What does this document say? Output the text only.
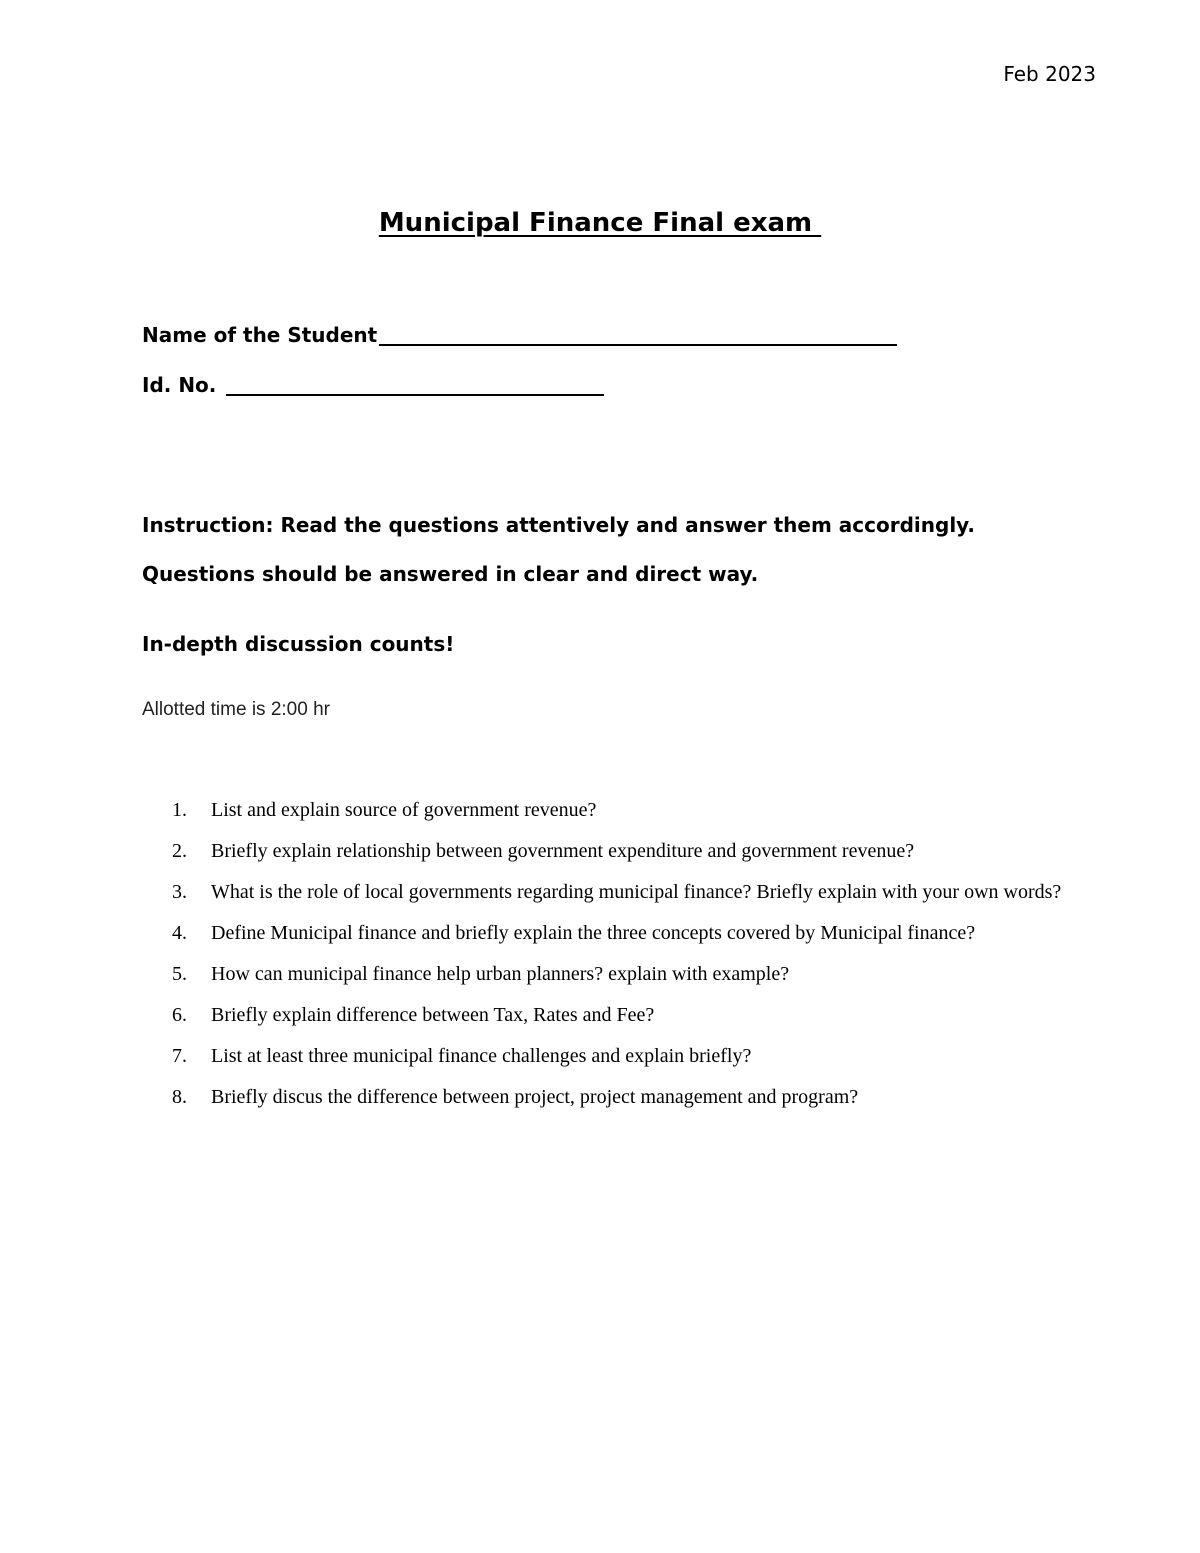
Feb 2023
Municipal Finance Final exam
Name of the Student
Id. No.
Instruction: Read the questions attentively and answer them accordingly.
Questions should be answered in clear and direct way.
In-depth discussion counts!
Allotted time is 2:00 hr
1.	List and explain source of government revenue?
2.	Briefly explain relationship between government expenditure and government revenue?
3.	What is the role of local governments regarding municipal finance? Briefly explain with your own words?
4.	Define Municipal finance and briefly explain the three concepts covered by Municipal finance?
5.	How can municipal finance help urban planners? explain with example?
6.	Briefly explain difference between Tax, Rates and Fee?
7.	List at least three municipal finance challenges and explain briefly?
8.	Briefly discus the difference between project, project management and program?
